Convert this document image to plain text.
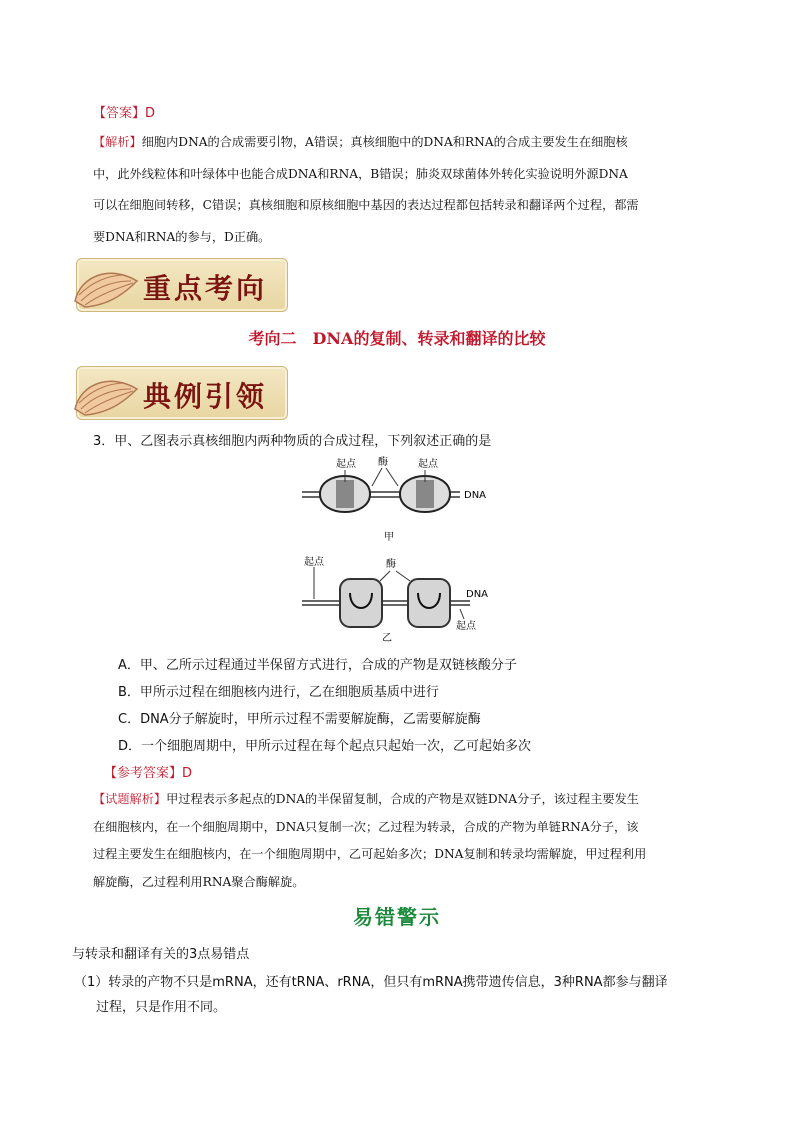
【答案】D
【解析】细胞内DNA的合成需要引物，A错误；真核细胞中的DNA和RNA的合成主要发生在细胞核
中，此外线粒体和叶绿体中也能合成DNA和RNA，B错误；肺炎双球菌体外转化实验说明外源DNA
可以在细胞间转移，C错误；真核细胞和原核细胞中基因的表达过程都包括转录和翻译两个过程，都需
要DNA和RNA的参与，D正确。
重点考向
考向二　DNA的复制、转录和翻译的比较
典例引领
3．甲、乙图表示真核细胞内两种物质的合成过程，下列叙述正确的是
起点 酶	起点
DNA
甲
起点	酶
DNA
起点
乙
A．甲、乙所示过程通过半保留方式进行，合成的产物是双链核酸分子
B．甲所示过程在细胞核内进行，乙在细胞质基质中进行
C．DNA分子解旋时，甲所示过程不需要解旋酶，乙需要解旋酶
D．一个细胞周期中，甲所示过程在每个起点只起始一次，乙可起始多次
【参考答案】D
【试题解析】甲过程表示多起点的DNA的半保留复制，合成的产物是双链DNA分子，该过程主要发生
在细胞核内，在一个细胞周期中，DNA只复制一次；乙过程为转录，合成的产物为单链RNA分子，该
过程主要发生在细胞核内，在一个细胞周期中，乙可起始多次；DNA复制和转录均需解旋，甲过程利用
解旋酶，乙过程利用RNA聚合酶解旋。
易错警示
与转录和翻译有关的3点易错点
（1）转录的产物不只是mRNA，还有tRNA、rRNA，但只有mRNA携带遗传信息，3种RNA都参与翻译
过程，只是作用不同。
